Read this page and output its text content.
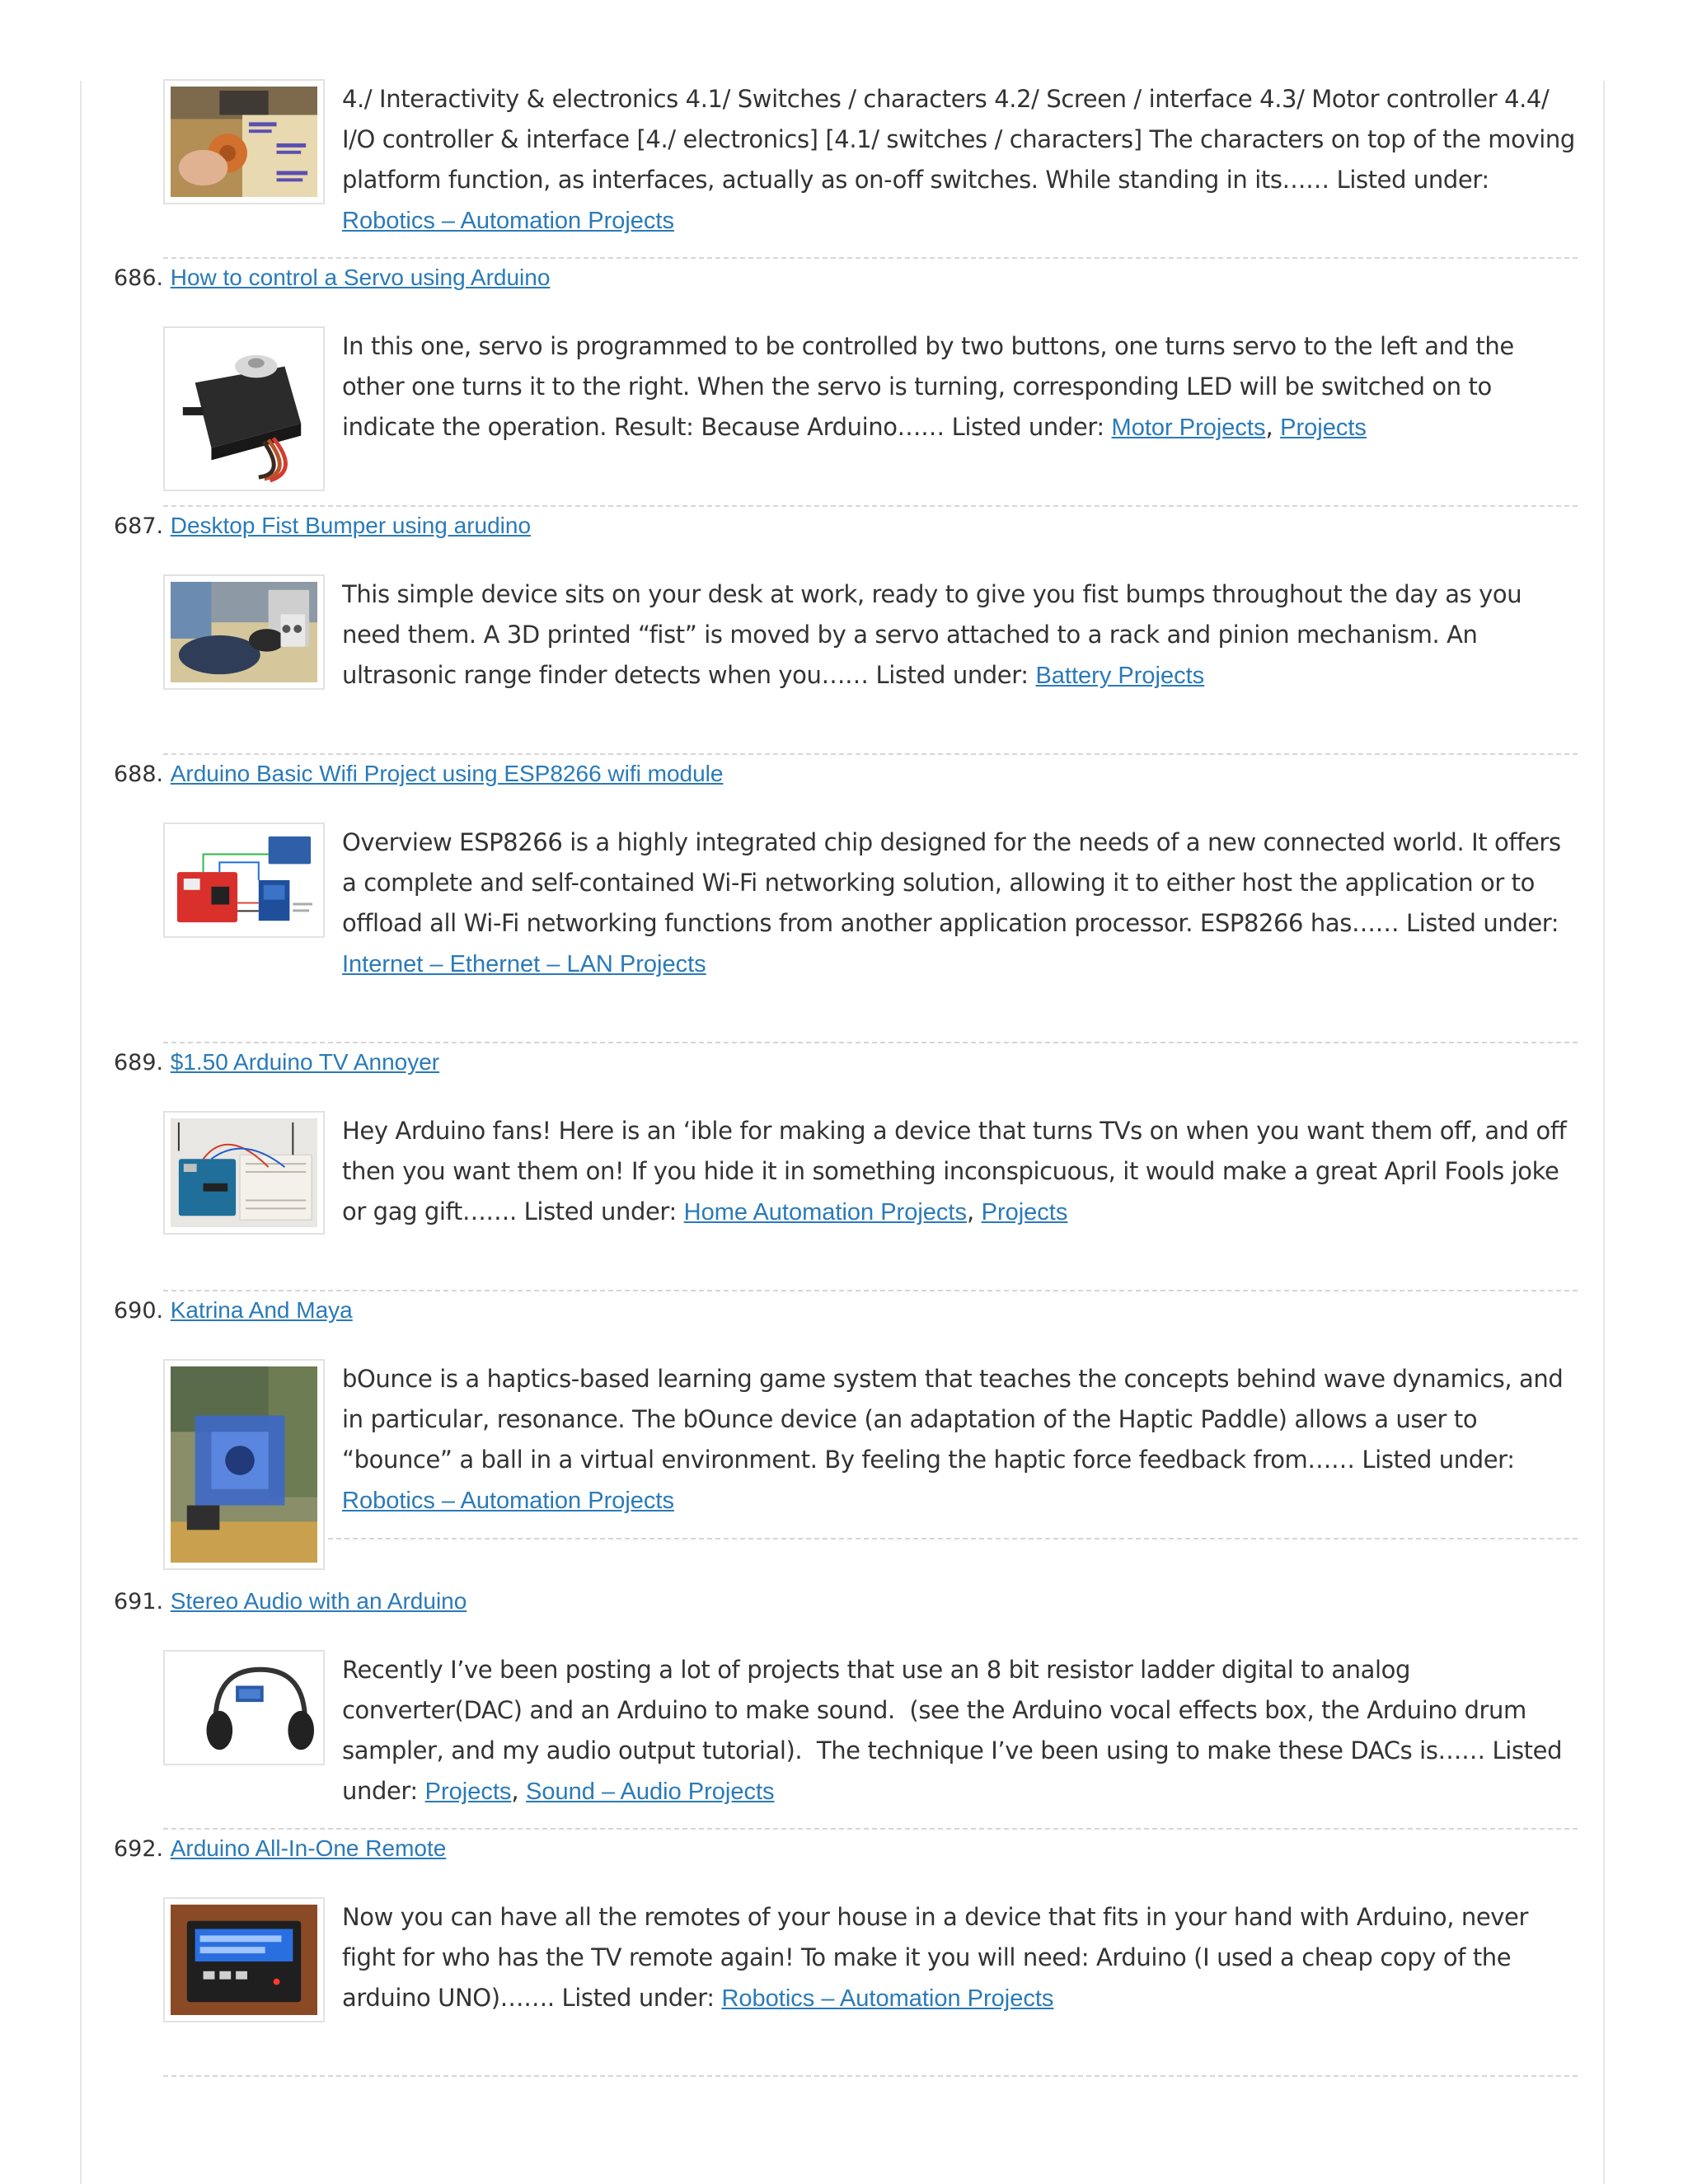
4./ Interactivity & electronics 4.1/ Switches / characters 4.2/ Screen / interface 4.3/ Motor controller 4.4/ I/O controller & interface [4./ electronics] [4.1/ switches / characters] The characters on top of the moving platform function, as interfaces, actually as on-off switches. While standing in its…… Listed under: Robotics – Automation Projects
686. How to control a Servo using Arduino
In this one, servo is programmed to be controlled by two buttons, one turns servo to the left and the other one turns it to the right. When the servo is turning, corresponding LED will be switched on to indicate the operation. Result: Because Arduino…… Listed under: Motor Projects, Projects
687. Desktop Fist Bumper using arudino
This simple device sits on your desk at work, ready to give you fist bumps throughout the day as you need them. A 3D printed “fist” is moved by a servo attached to a rack and pinion mechanism. An ultrasonic range finder detects when you…… Listed under: Battery Projects
688. Arduino Basic Wifi Project using ESP8266 wifi module
Overview ESP8266 is a highly integrated chip designed for the needs of a new connected world. It offers a complete and self-contained Wi-Fi networking solution, allowing it to either host the application or to offload all Wi-Fi networking functions from another application processor. ESP8266 has…… Listed under: Internet – Ethernet – LAN Projects
689. $1.50 Arduino TV Annoyer
Hey Arduino fans! Here is an ‘ible for making a device that turns TVs on when you want them off, and off then you want them on! If you hide it in something inconspicuous, it would make a great April Fools joke or gag gift……. Listed under: Home Automation Projects, Projects
690. Katrina And Maya
bOunce is a haptics-based learning game system that teaches the concepts behind wave dynamics, and in particular, resonance. The bOunce device (an adaptation of the Haptic Paddle) allows a user to “bounce” a ball in a virtual environment. By feeling the haptic force feedback from…… Listed under: Robotics – Automation Projects
691. Stereo Audio with an Arduino
Recently I’ve been posting a lot of projects that use an 8 bit resistor ladder digital to analog converter(DAC) and an Arduino to make sound.  (see the Arduino vocal effects box, the Arduino drum sampler, and my audio output tutorial).  The technique I’ve been using to make these DACs is…… Listed under: Projects, Sound – Audio Projects
692. Arduino All-In-One Remote
Now you can have all the remotes of your house in a device that fits in your hand with Arduino, never fight for who has the TV remote again! To make it you will need: Arduino (I used a cheap copy of the arduino UNO)……. Listed under: Robotics – Automation Projects
